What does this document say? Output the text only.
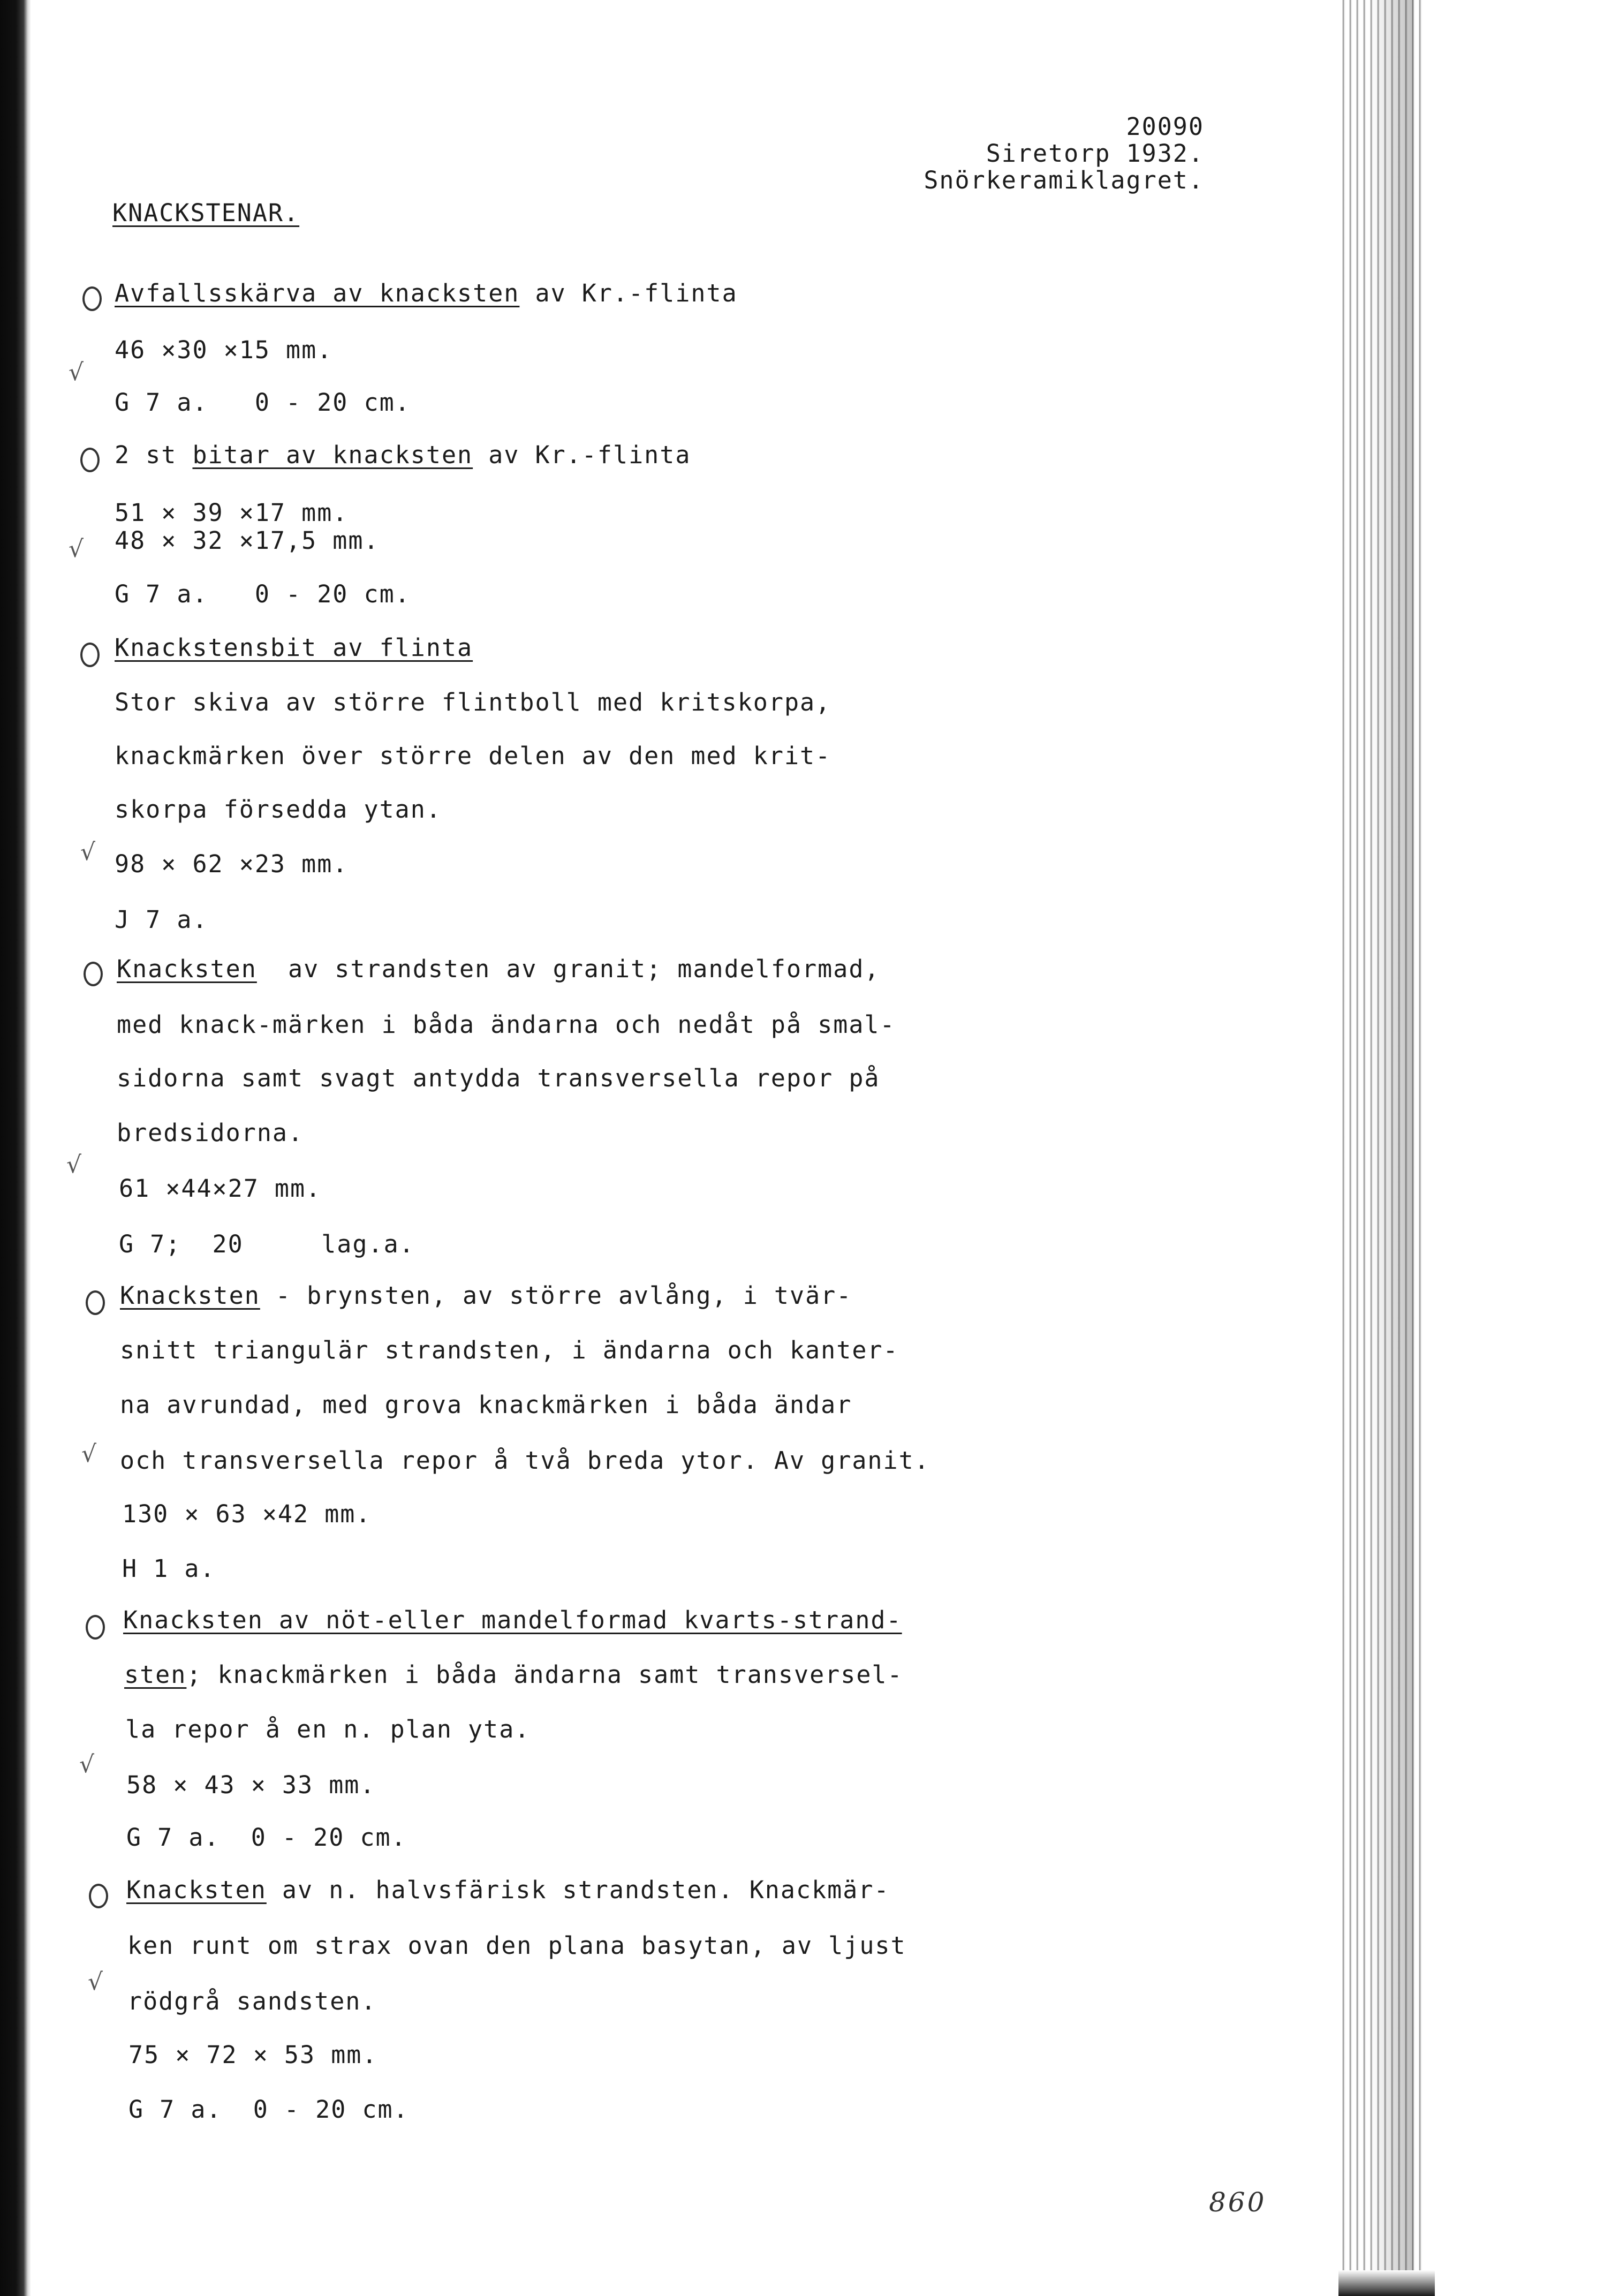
20090
Siretorp 1932.
Snörkeramiklagret.
KNACKSTENAR.
Avfallsskärva av knacksten av Kr.-flinta
46 ×30 ×15 mm.
√
G 7 a.   0 - 20 cm.
2 st bitar av knacksten av Kr.-flinta
51 × 39 ×17 mm.
48 × 32 ×17,5 mm.
√
G 7 a.   0 - 20 cm.
Knackstensbit av flinta
Stor skiva av större flintboll med kritskorpa,
knackmärken över större delen av den med krit-
skorpa försedda ytan.
√ 98 × 62 ×23 mm.
J 7 a.
Knacksten  av strandsten av granit; mandelformad,
med knack-märken i båda ändarna och nedåt på smal-
sidorna samt svagt antydda transversella repor på
bredsidorna.
√
61 ×44×27 mm.
G 7;  20     lag.a.
Knacksten - brynsten, av större avlång, i tvär-
snitt triangulär strandsten, i ändarna och kanter-
na avrundad, med grova knackmärken i båda ändar
√ och transversella repor å två breda ytor. Av granit.
130 × 63 ×42 mm.
H 1 a.
Knacksten av nöt-eller mandelformad kvarts-strand-
sten; knackmärken i båda ändarna samt transversel-
la repor å en n. plan yta.
√
58 × 43 × 33 mm.
G 7 a.  0 - 20 cm.
Knacksten av n. halvsfärisk strandsten. Knackmär-
ken runt om strax ovan den plana basytan, av ljust
√
rödgrå sandsten.
75 × 72 × 53 mm.
G 7 a.  0 - 20 cm.
860
